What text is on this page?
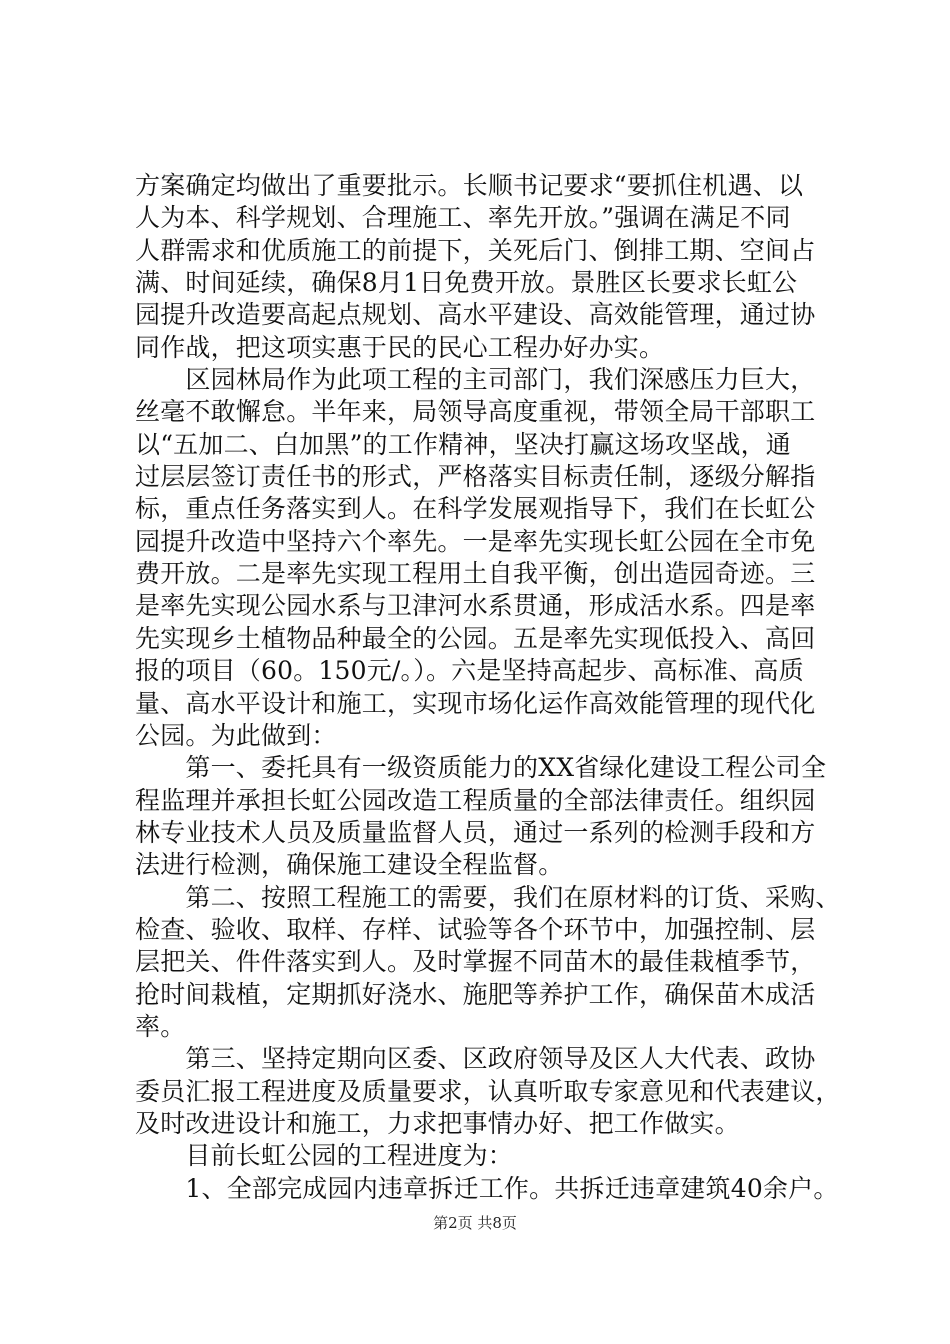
方案确定均做出了重要批示。长顺书记要求“要抓住机遇、以
人为本、科学规划、合理施工、率先开放。”强调在满足不同
人群需求和优质施工的前提下，关死后门、倒排工期、空间占
满、时间延续，确保8月1日免费开放。景胜区长要求长虹公
园提升改造要高起点规划、高水平建设、高效能管理，通过协
同作战，把这项实惠于民的民心工程办好办实。
　　区园林局作为此项工程的主司部门，我们深感压力巨大，
丝毫不敢懈怠。半年来，局领导高度重视，带领全局干部职工
以“五加二、白加黑”的工作精神，坚决打赢这场攻坚战，通
过层层签订责任书的形式，严格落实目标责任制，逐级分解指
标，重点任务落实到人。在科学发展观指导下，我们在长虹公
园提升改造中坚持六个率先。一是率先实现长虹公园在全市免
费开放。二是率先实现工程用土自我平衡，创出造园奇迹。三
是率先实现公园水系与卫津河水系贯通，形成活水系。四是率
先实现乡土植物品种最全的公园。五是率先实现低投入、高回
报的项目（60。150元/。）。六是坚持高起步、高标准、高质
量、高水平设计和施工，实现市场化运作高效能管理的现代化
公园。为此做到：
　　第一、委托具有一级资质能力的XX省绿化建设工程公司全
程监理并承担长虹公园改造工程质量的全部法律责任。组织园
林专业技术人员及质量监督人员，通过一系列的检测手段和方
法进行检测，确保施工建设全程监督。
　　第二、按照工程施工的需要，我们在原材料的订货、采购、
检查、验收、取样、存样、试验等各个环节中，加强控制、层
层把关、件件落实到人。及时掌握不同苗木的最佳栽植季节，
抢时间栽植，定期抓好浇水、施肥等养护工作，确保苗木成活
率。
　　第三、坚持定期向区委、区政府领导及区人大代表、政协
委员汇报工程进度及质量要求，认真听取专家意见和代表建议，
及时改进设计和施工，力求把事情办好、把工作做实。
　　目前长虹公园的工程进度为：
　　1、全部完成园内违章拆迁工作。共拆迁违章建筑40余户。
第2页 共8页
